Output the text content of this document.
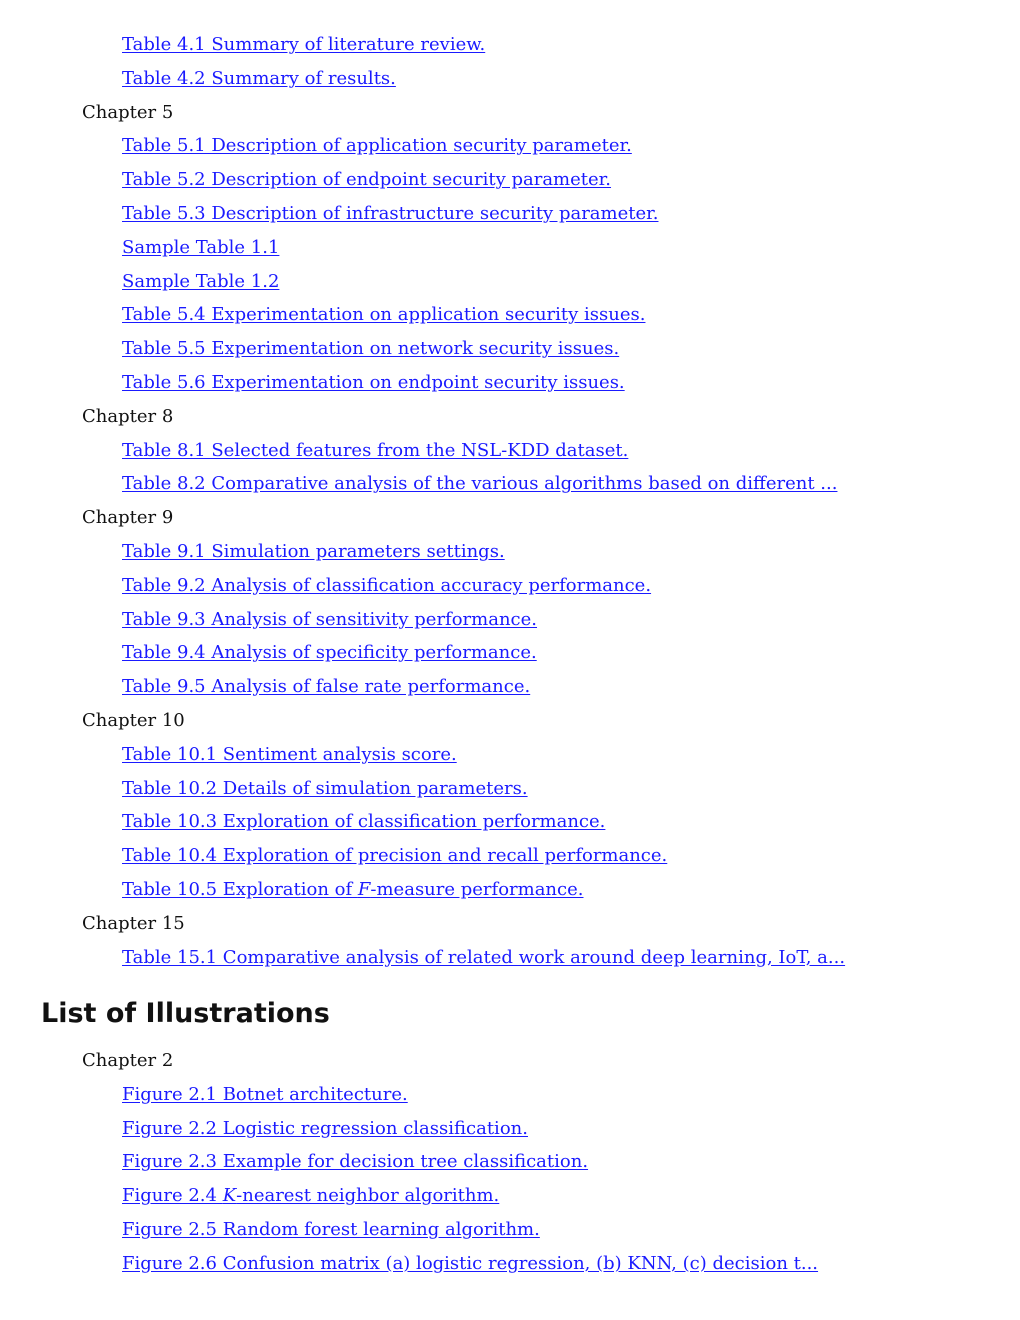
Table 4.1 Summary of literature review.
Table 4.2 Summary of results.
Chapter 5
Table 5.1 Description of application security parameter.
Table 5.2 Description of endpoint security parameter.
Table 5.3 Description of infrastructure security parameter.
Sample Table 1.1
Sample Table 1.2
Table 5.4 Experimentation on application security issues.
Table 5.5 Experimentation on network security issues.
Table 5.6 Experimentation on endpoint security issues.
Chapter 8
Table 8.1 Selected features from the NSL-KDD dataset.
Table 8.2 Comparative analysis of the various algorithms based on different ...
Chapter 9
Table 9.1 Simulation parameters settings.
Table 9.2 Analysis of classification accuracy performance.
Table 9.3 Analysis of sensitivity performance.
Table 9.4 Analysis of specificity performance.
Table 9.5 Analysis of false rate performance.
Chapter 10
Table 10.1 Sentiment analysis score.
Table 10.2 Details of simulation parameters.
Table 10.3 Exploration of classification performance.
Table 10.4 Exploration of precision and recall performance.
Table 10.5 Exploration of F-measure performance.
Chapter 15
Table 15.1 Comparative analysis of related work around deep learning, IoT, a...
List of Illustrations
Chapter 2
Figure 2.1 Botnet architecture.
Figure 2.2 Logistic regression classification.
Figure 2.3 Example for decision tree classification.
Figure 2.4 K-nearest neighbor algorithm.
Figure 2.5 Random forest learning algorithm.
Figure 2.6 Confusion matrix (a) logistic regression, (b) KNN, (c) decision t...
